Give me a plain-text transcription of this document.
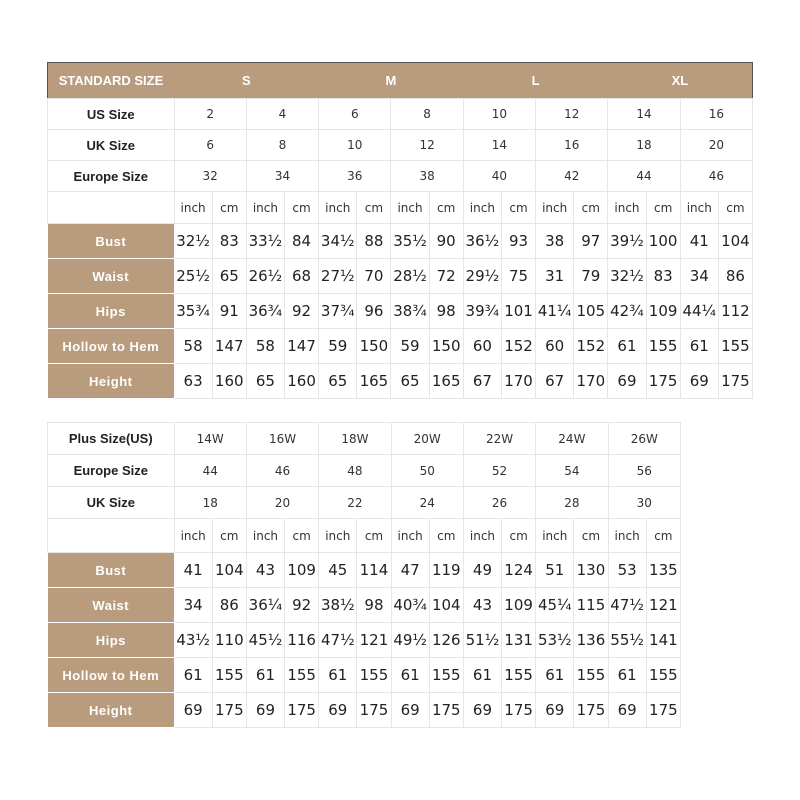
STANDARD SIZE	S				M				L				XL			
US Size	2		4		6		8		10		12		14		16	
UK Size	6		8		10		12		14		16		18		20	
Europe Size	32		34		36		38		40		42		44		46	
	inch	cm	inch	cm	inch	cm	inch	cm	inch	cm	inch	cm	inch	cm	inch	cm
Bust	32½	83	33½	84	34½	88	35½	90	36½	93	38	97	39½	100	41	104
Waist	25½	65	26½	68	27½	70	28½	72	29½	75	31	79	32½	83	34	86
Hips	35¾	91	36¾	92	37¾	96	38¾	98	39¾	101	41¼	105	42¾	109	44¼	112
Hollow to Hem	58	147	58	147	59	150	59	150	60	152	60	152	61	155	61	155
Height	63	160	65	160	65	165	65	165	67	170	67	170	69	175	69	175
Plus Size(US)	14W		16W		18W		20W		22W		24W		26W	
Europe Size	44		46		48		50		52		54		56	
UK Size	18		20		22		24		26		28		30	
	inch	cm	inch	cm	inch	cm	inch	cm	inch	cm	inch	cm	inch	cm
Bust	41	104	43	109	45	114	47	119	49	124	51	130	53	135
Waist	34	86	36¼	92	38½	98	40¾	104	43	109	45¼	115	47½	121
Hips	43½	110	45½	116	47½	121	49½	126	51½	131	53½	136	55½	141
Hollow to Hem	61	155	61	155	61	155	61	155	61	155	61	155	61	155
Height	69	175	69	175	69	175	69	175	69	175	69	175	69	175
